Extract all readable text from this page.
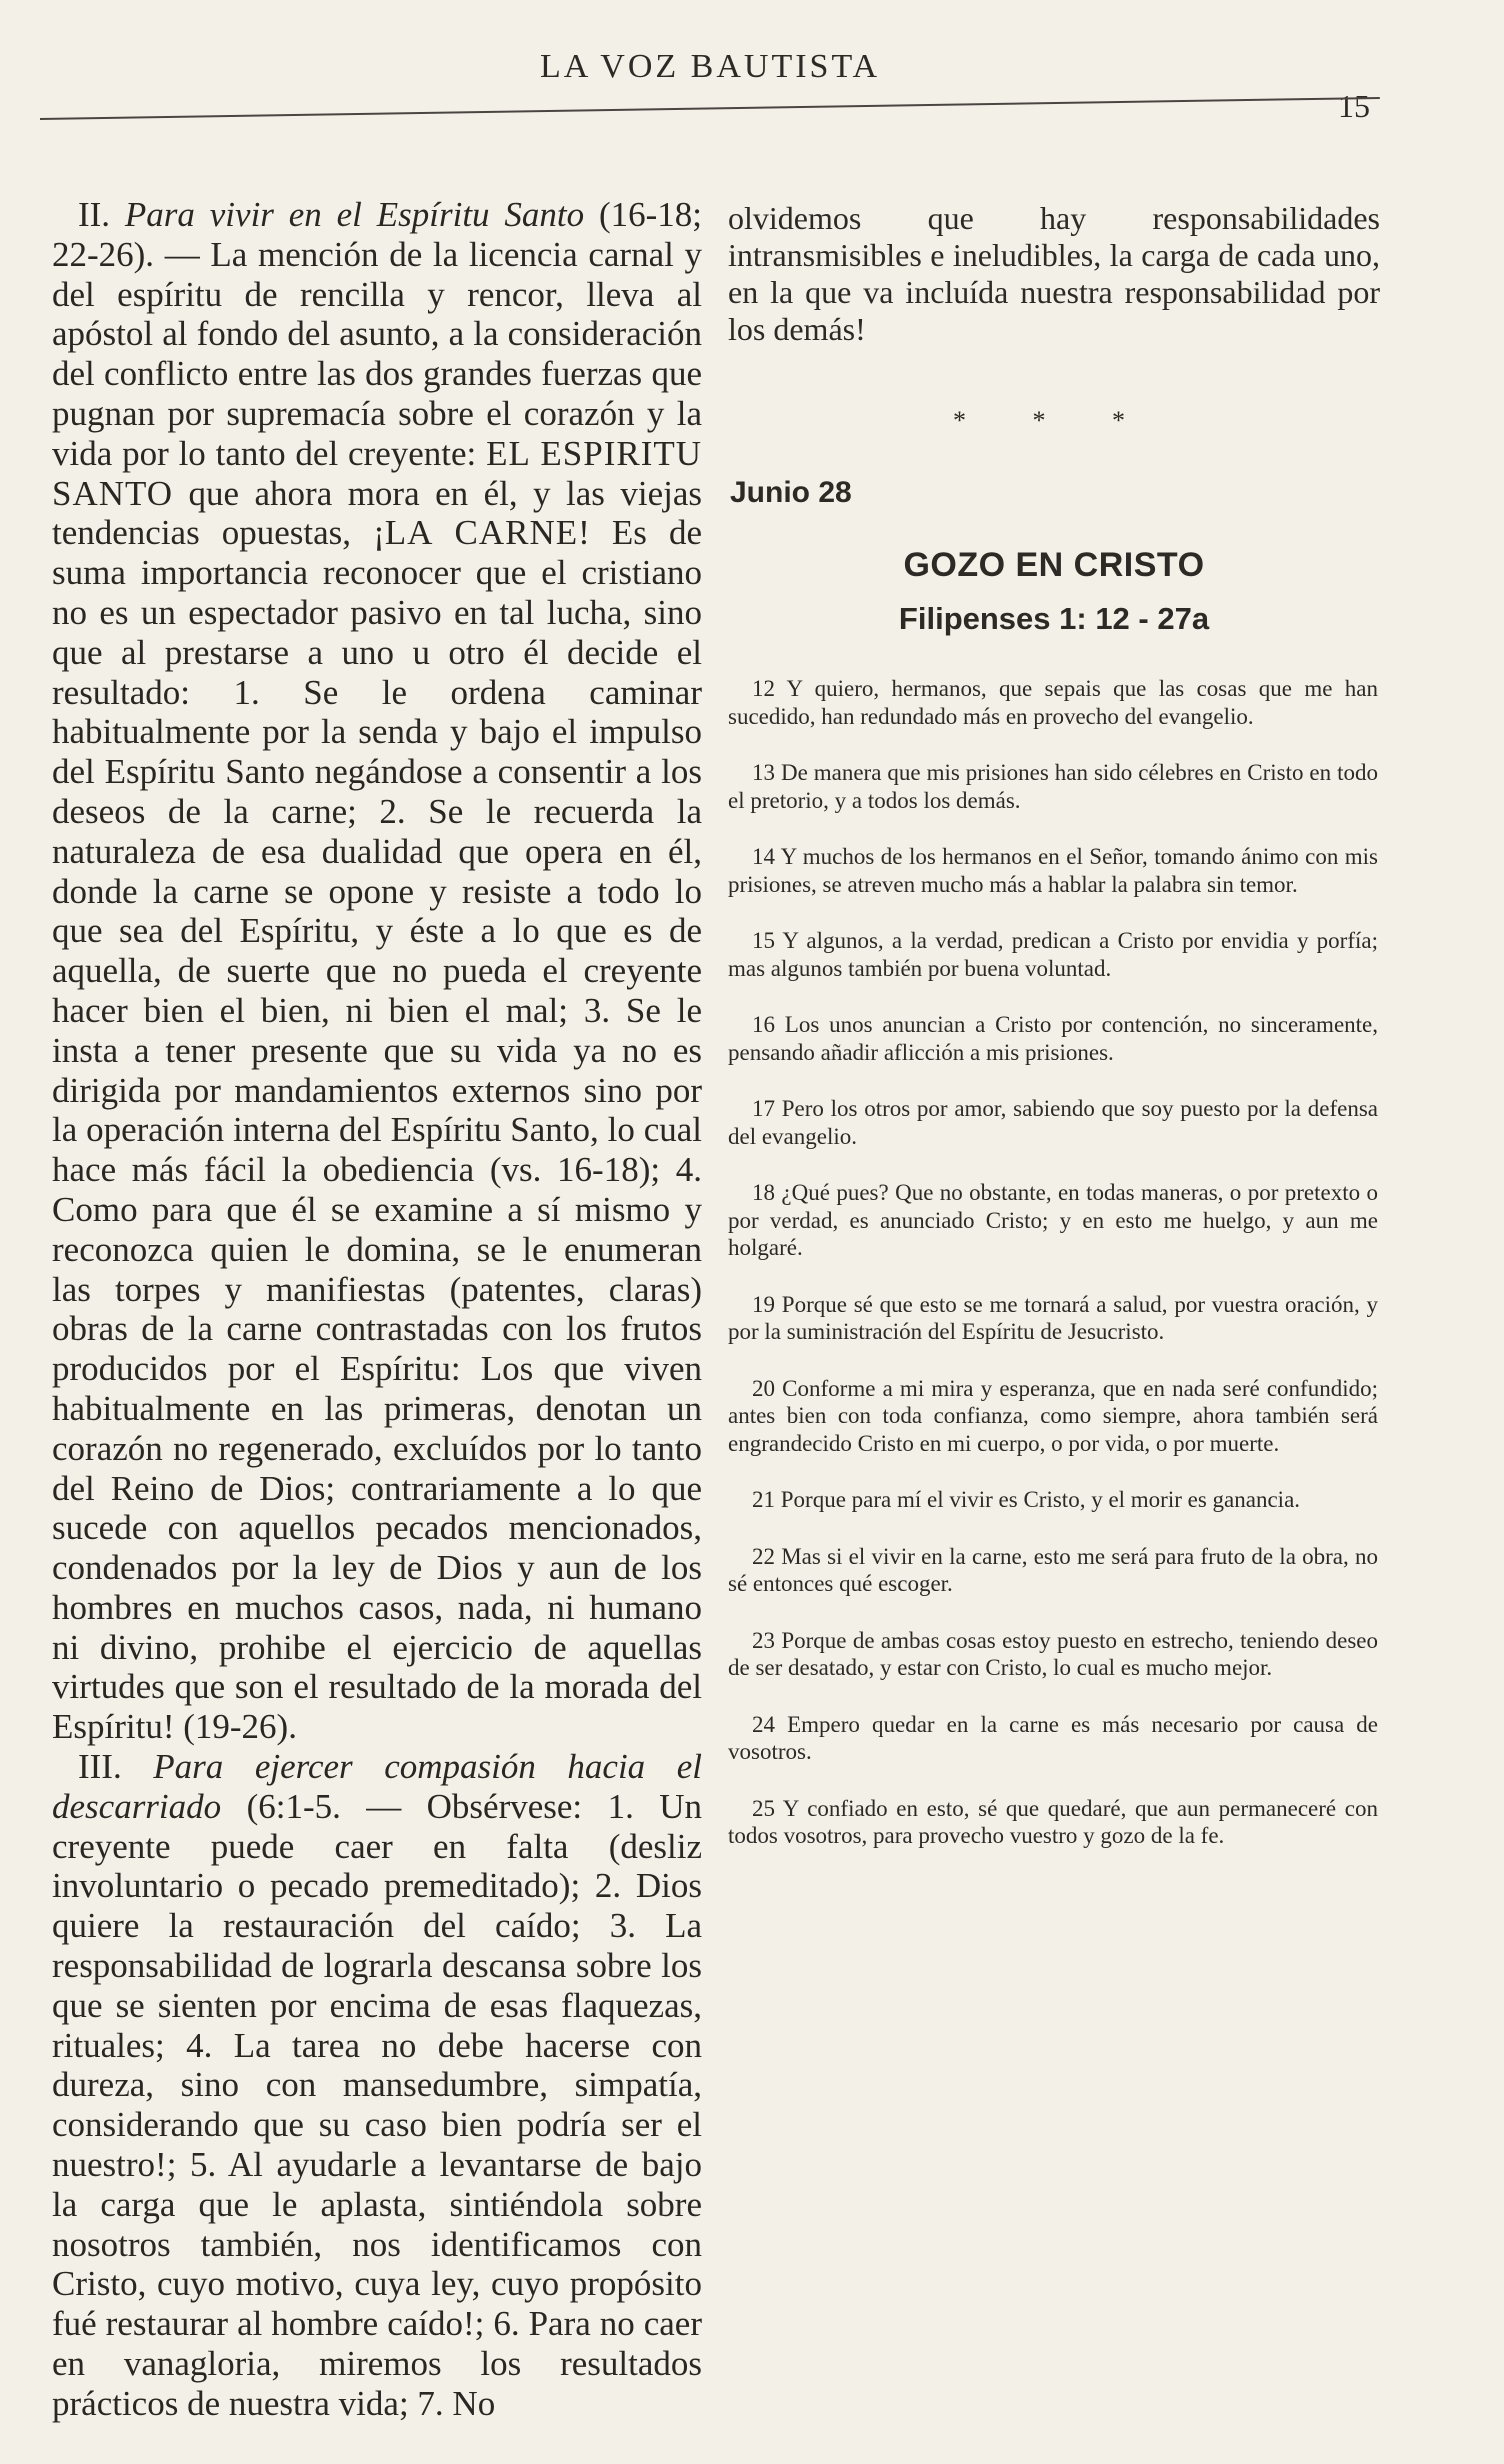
LA VOZ BAUTISTA
15

II. Para vivir en el Espíritu Santo (16-18; 22-26). — La mención de la licencia carnal y del espíritu de rencilla y rencor, lleva al apóstol al fondo del asunto, a la consideración del conflicto entre las dos grandes fuerzas que pugnan por supremacía sobre el corazón y la vida por lo tanto del creyente: EL ESPIRITU SANTO que ahora mora en él, y las viejas tendencias opuestas, ¡LA CARNE! Es de suma importancia reconocer que el cristiano no es un espectador pasivo en tal lucha, sino que al prestarse a uno u otro él decide el resultado: 1. Se le ordena caminar habitualmente por la senda y bajo el impulso del Espíritu Santo negándose a consentir a los deseos de la carne; 2. Se le recuerda la naturaleza de esa dualidad que opera en él, donde la carne se opone y resiste a todo lo que sea del Espíritu, y éste a lo que es de aquella, de suerte que no pueda el creyente hacer bien el bien, ni bien el mal; 3. Se le insta a tener presente que su vida ya no es dirigida por mandamientos externos sino por la operación interna del Espíritu Santo, lo cual hace más fácil la obediencia (vs. 16-18); 4. Como para que él se examine a sí mismo y reconozca quien le domina, se le enumeran las torpes y manifiestas (patentes, claras) obras de la carne contrastadas con los frutos producidos por el Espíritu: Los que viven habitualmente en las primeras, denotan un corazón no regenerado, excluídos por lo tanto del Reino de Dios; contrariamente a lo que sucede con aquellos pecados mencionados, condenados por la ley de Dios y aun de los hombres en muchos casos, nada, ni humano ni divino, prohibe el ejercicio de aquellas virtudes que son el resultado de la morada del Espíritu! (19-26).

III. Para ejercer compasión hacia el descarriado (6:1-5. — Obsérvese: 1. Un creyente puede caer en falta (desliz involuntario o pecado premeditado); 2. Dios quiere la restauración del caído; 3. La responsabilidad de lograrla descansa sobre los que se sienten por encima de esas flaquezas, rituales; 4. La tarea no debe hacerse con dureza, sino con mansedumbre, simpatía, considerando que su caso bien podría ser el nuestro!; 5. Al ayudarle a levantarse de bajo la carga que le aplasta, sintiéndola sobre nosotros también, nos identificamos con Cristo, cuyo motivo, cuya ley, cuyo propósito fué restaurar al hombre caído!; 6. Para no caer en vanagloria, miremos los resultados prácticos de nuestra vida; 7. No

olvidemos que hay responsabilidades intransmisibles e ineludibles, la carga de cada uno, en la que va incluída nuestra responsabilidad por los demás!

* * *
Junio 28
GOZO EN CRISTO
Filipenses 1: 12 - 27a

12 Y quiero, hermanos, que sepais que las cosas que me han sucedido, han redundado más en provecho del evangelio.

13 De manera que mis prisiones han sido célebres en Cristo en todo el pretorio, y a todos los demás.

14 Y muchos de los hermanos en el Señor, tomando ánimo con mis prisiones, se atreven mucho más a hablar la palabra sin temor.

15 Y algunos, a la verdad, predican a Cristo por envidia y porfía; mas algunos también por buena voluntad.

16 Los unos anuncian a Cristo por contención, no sinceramente, pensando añadir aflicción a mis prisiones.

17 Pero los otros por amor, sabiendo que soy puesto por la defensa del evangelio.

18 ¿Qué pues? Que no obstante, en todas maneras, o por pretexto o por verdad, es anunciado Cristo; y en esto me huelgo, y aun me holgaré.

19 Porque sé que esto se me tornará a salud, por vuestra oración, y por la suministración del Espíritu de Jesucristo.

20 Conforme a mi mira y esperanza, que en nada seré confundido; antes bien con toda confianza, como siempre, ahora también será engrandecido Cristo en mi cuerpo, o por vida, o por muerte.

21 Porque para mí el vivir es Cristo, y el morir es ganancia.

22 Mas si el vivir en la carne, esto me será para fruto de la obra, no sé entonces qué escoger.

23 Porque de ambas cosas estoy puesto en estrecho, teniendo deseo de ser desatado, y estar con Cristo, lo cual es mucho mejor.

24 Empero quedar en la carne es más necesario por causa de vosotros.

25 Y confiado en esto, sé que quedaré, que aun permaneceré con todos vosotros, para provecho vuestro y gozo de la fe.
